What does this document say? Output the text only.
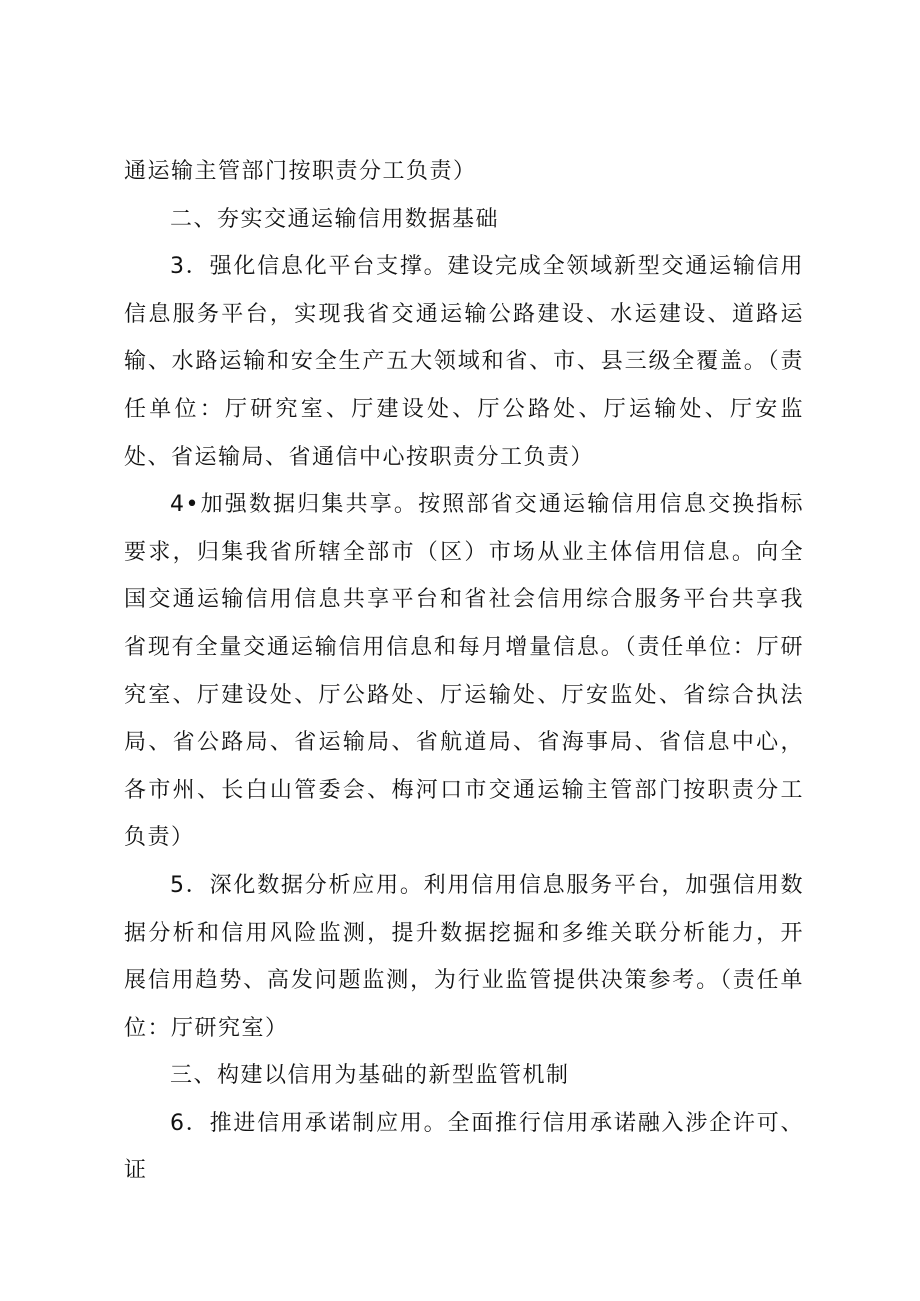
通运输主管部门按职责分工负责）

二、夯实交通运输信用数据基础

3．强化信息化平台支撑。建设完成全领域新型交通运输信用信息服务平台，实现我省交通运输公路建设、水运建设、道路运输、水路运输和安全生产五大领域和省、市、县三级全覆盖。（责任单位：厅研究室、厅建设处、厅公路处、厅运输处、厅安监处、省运输局、省通信中心按职责分工负责）

4•加强数据归集共享。按照部省交通运输信用信息交换指标要求，归集我省所辖全部市（区）市场从业主体信用信息。向全国交通运输信用信息共享平台和省社会信用综合服务平台共享我省现有全量交通运输信用信息和每月增量信息。（责任单位：厅研究室、厅建设处、厅公路处、厅运输处、厅安监处、省综合执法局、省公路局、省运输局、省航道局、省海事局、省信息中心，各市州、长白山管委会、梅河口市交通运输主管部门按职责分工负责）

5．深化数据分析应用。利用信用信息服务平台，加强信用数据分析和信用风险监测，提升数据挖掘和多维关联分析能力，开展信用趋势、高发问题监测，为行业监管提供决策参考。（责任单位：厅研究室）

三、构建以信用为基础的新型监管机制

6．推进信用承诺制应用。全面推行信用承诺融入涉企许可、证
